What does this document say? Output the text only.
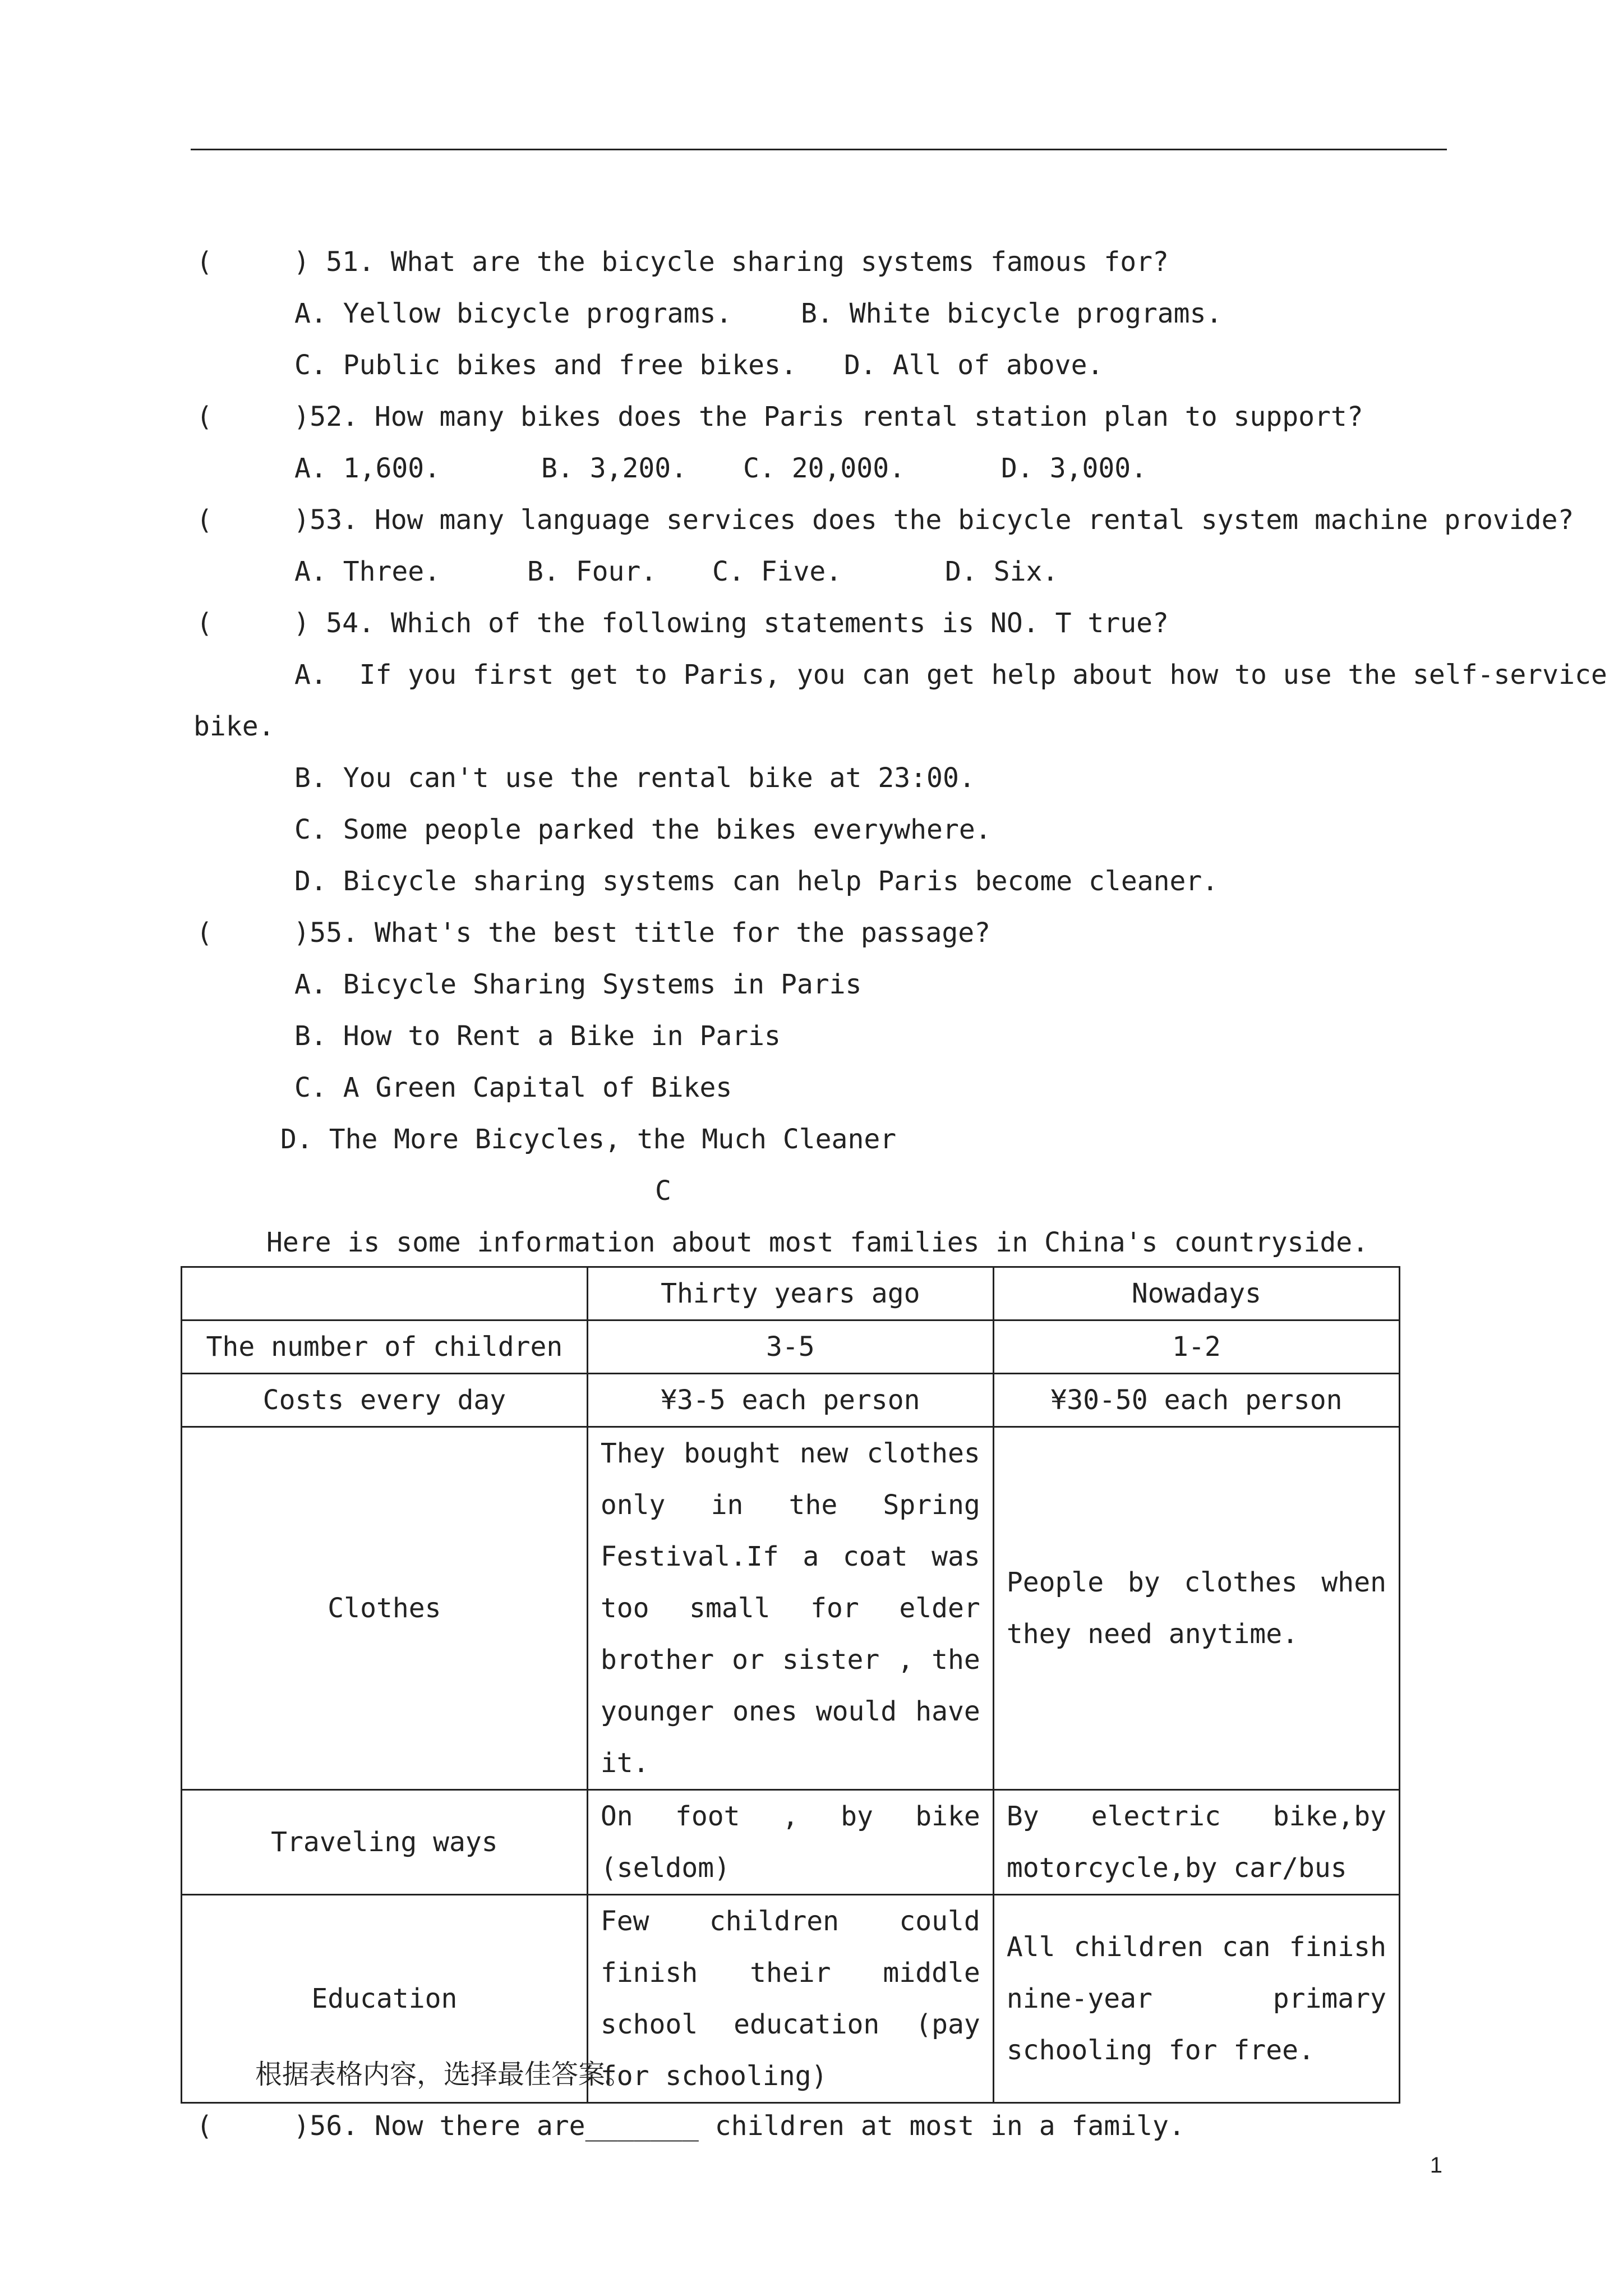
(     ) 51. What are the bicycle sharing systems famous for?
A. Yellow bicycle programs.	B. White bicycle programs.
C. Public bikes and free bikes. D. All of above.
(     )52. How many bikes does the Paris rental station plan to support?
A. 1,600.	B. 3,200. C. 20,000.	D. 3,000.
(     )53. How many language services does the bicycle rental system machine provide?
A. Three.	B. Four. C. Five.	D. Six.
(     ) 54. Which of the following statements is NO. T true?
A.  If you first get to Paris, you can get help about how to use the self-service
bike.
B. You can't use the rental bike at 23:00.
C. Some people parked the bikes everywhere.
D. Bicycle sharing systems can help Paris become cleaner.
(     )55. What's the best title for the passage?
A. Bicycle Sharing Systems in Paris
B. How to Rent a Bike in Paris
C. A Green Capital of Bikes
D. The More Bicycles, the Much Cleaner
C
Here is some information about most families in China's countryside.
	Thirty years ago	Nowadays
The number of children	3-5	1-2
Costs every day	¥3-5 each person	¥30-50 each person
Clothes	They bought new clothes only in the Spring Festival.If a coat was too small for elder brother or sister , the younger ones would have it.	People by clothes when they need anytime.
Traveling ways	On foot , by bike (seldom)	By electric bike,by motorcycle,by car/bus
Education	Few children could finish their middle school education (pay for schooling)	All children can finish nine-year primary schooling for free.
根据表格内容，选择最佳答案。
(     )56. Now there are_______ children at most in a family.
1
